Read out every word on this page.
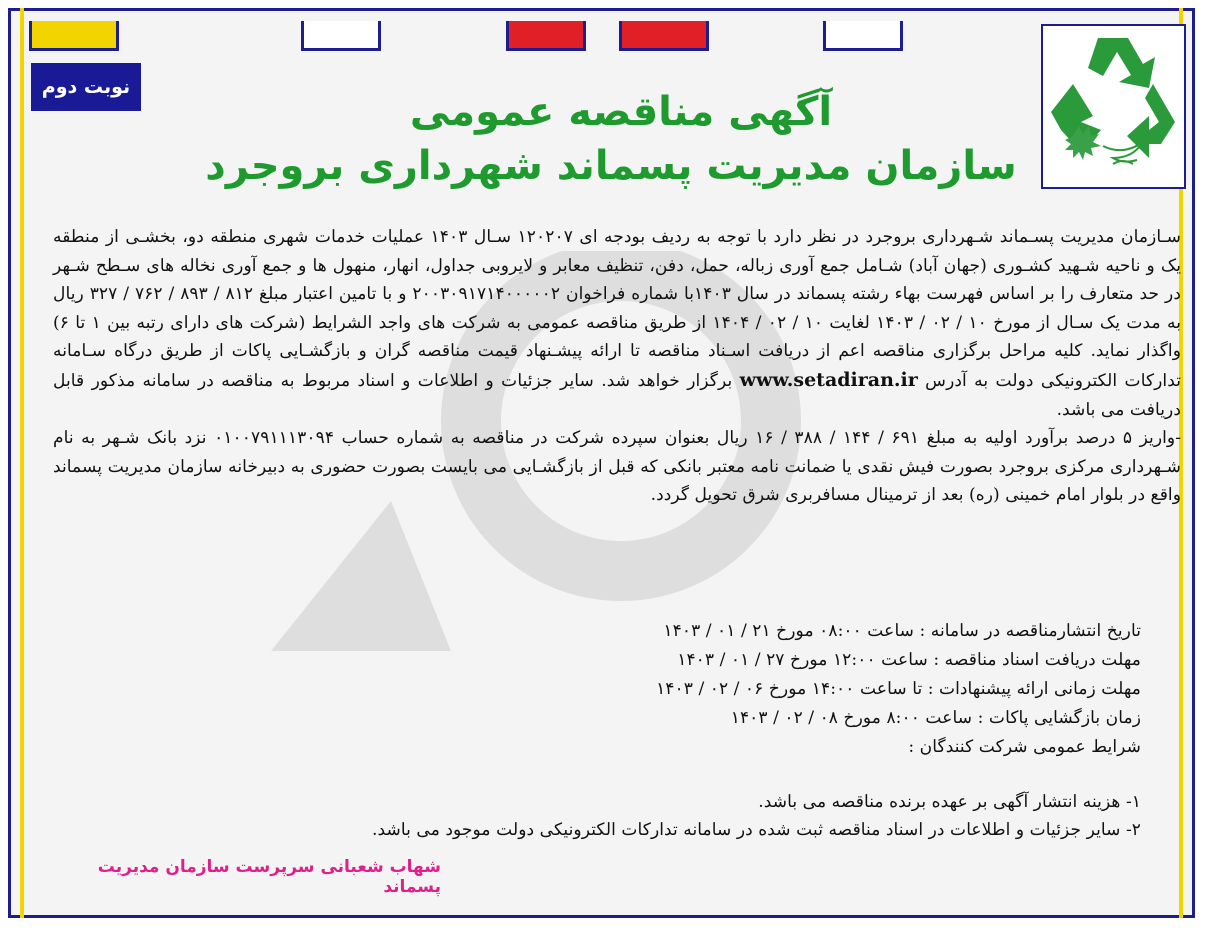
نوبت دوم
آگهی مناقصه عمومی
سازمان مدیریت پسماند شهرداری بروجرد

سـازمان مدیریت پسـماند شـهرداری بروجرد در نظر دارد با توجه به ردیف بودجه ای ۱۲۰۲۰۷ سـال ۱۴۰۳ عملیات خدمات شهری منطقه دو، بخشـی از منطقه یک و ناحیه شـهید کشـوری (جهان آباد) شـامل جمع آوری زباله، حمل، دفن، تنظیف معابر و لایروبی جداول، انهار، منهول ها و جمع آوری نخاله های سـطح شـهر در حد متعارف را بر اساس فهرست بهاء رشته پسماند در سال ۱۴۰۳با شماره فراخوان ۲۰۰۳۰۹۱۷۱۴۰۰۰۰۰۲ و با تامین اعتبار مبلغ ۸۱۲ / ۸۹۳ / ۷۶۲ / ۳۲۷ ریال به مدت یک سـال از مورخ ۱۰ / ۰۲ / ۱۴۰۳ لغایت ۱۰ / ۰۲ / ۱۴۰۴ از طریق مناقصه عمومی به شرکت های واجد الشرایط (شرکت های دارای رتبه بین ۱ تا ۶) واگذار نماید. کلیه مراحل برگزاری مناقصه اعم از دریافت اسـناد مناقصه تا ارائه پیشـنهاد قیمت مناقصه گران و بازگشـایی پاکات از طریق درگاه سـامانه تدارکات الکترونیکی دولت به آدرس www.setadiran.ir برگزار خواهد شد. سایر جزئیات و اطلاعات و اسناد مربوط به مناقصه در سامانه مذکور قابل دریافت می باشد.

-واریز ۵ درصد برآورد اولیه به مبلغ ۶۹۱ / ۱۴۴ / ۳۸۸ / ۱۶ ریال بعنوان سپرده شرکت در مناقصه به شماره حساب ۰۱۰۰۷۹۱۱۱۳۰۹۴ نزد بانک شـهر به نام شـهرداری مرکزی بروجرد بصورت فیش نقدی یا ضمانت نامه معتبر بانکی که قبل از بازگشـایی می بایست بصورت حضوری به دبیرخانه سازمان مدیریت پسماند واقع در بلوار امام خمینی (ره) بعد از ترمینال مسافربری شرق تحویل گردد.

تاریخ انتشارمناقصه در سامانه : ساعت ۰۸:۰۰ مورخ ۲۱ / ۰۱ / ۱۴۰۳
مهلت دریافت اسناد مناقصه : ساعت ۱۲:۰۰ مورخ ۲۷ / ۰۱ / ۱۴۰۳
مهلت زمانی ارائه پیشنهادات : تا ساعت ۱۴:۰۰ مورخ ۰۶ / ۰۲ / ۱۴۰۳
زمان بازگشایی پاکات : ساعت ۸:۰۰ مورخ ۰۸ / ۰۲ / ۱۴۰۳
شرایط عمومی شرکت کنندگان :
۱- هزینه انتشار آگهی بر عهده برنده مناقصه می باشد.
۲- سایر جزئیات و اطلاعات در اسناد مناقصه ثبت شده در سامانه تدارکات الکترونیکی دولت موجود می باشد.
شهاب شعبانی سرپرست سازمان مدیریت پسماند
